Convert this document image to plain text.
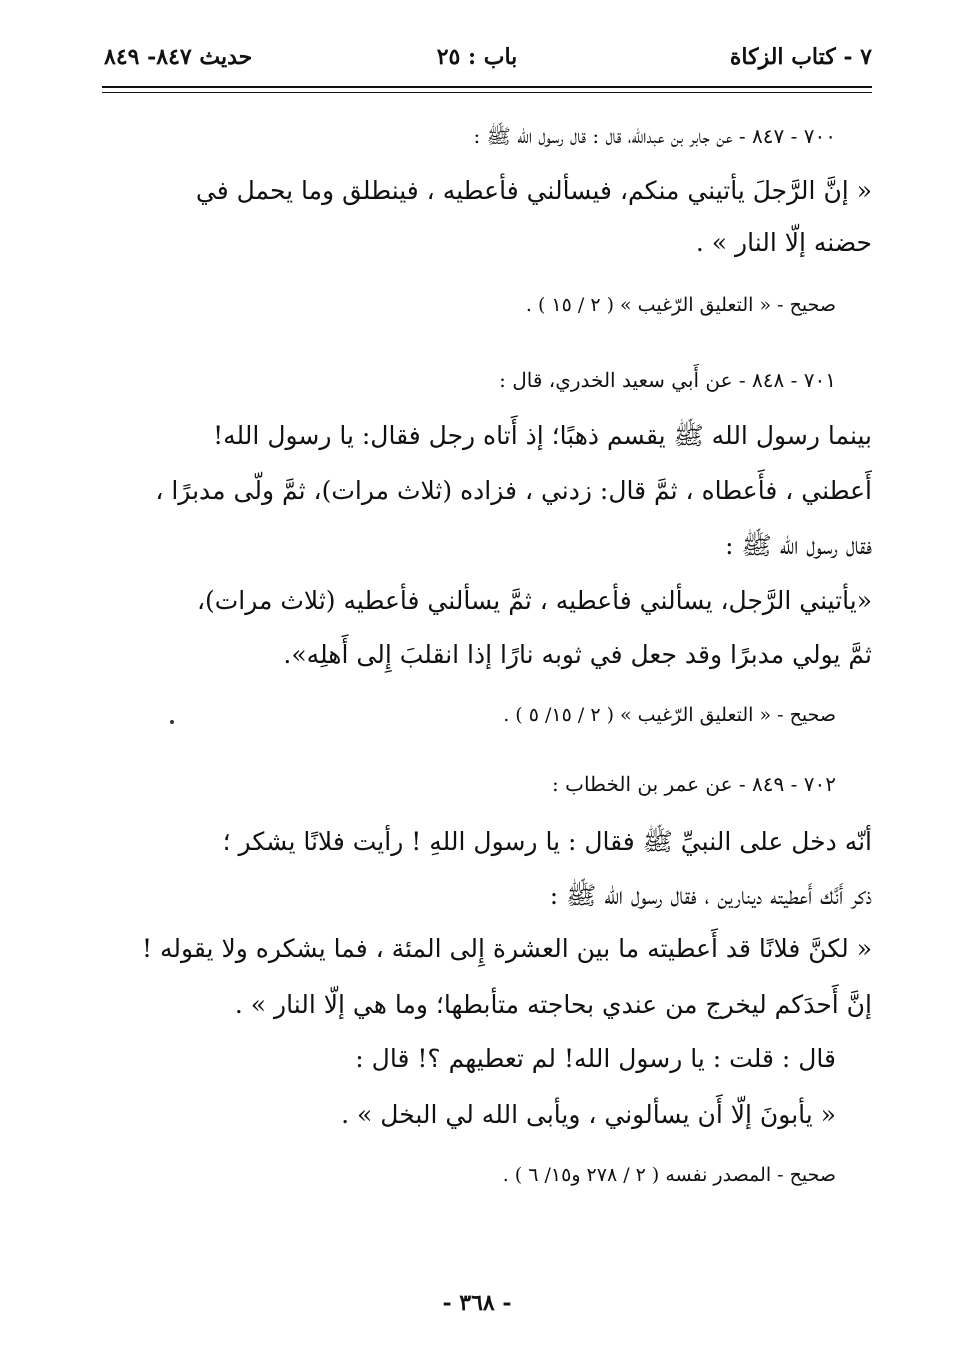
٧ - كتاب الزكاة
باب : ٢٥
حديث ٨٤٧- ٨٤٩
٧٠٠ - ٨٤٧ - عن جابر بن عبدالله، قال : قال رسول الله ﷺ :
« إنَّ الرَّجلَ يأتيني منكم، فيسألني فأعطيه ، فينطلق وما يحمل في
حضنه إلّا النار » .
صحيح - « التعليق الرّغيب » ( ٢ / ١٥ ) .
٧٠١ - ٨٤٨ - عن أَبي سعيد الخدري، قال :
بينما رسول الله ﷺ يقسم ذهبًا؛ إذ أَتاه رجل فقال: يا رسول الله!
أَعطني ، فأَعطاه ، ثمَّ قال: زدني ، فزاده (ثلاث مرات)، ثمَّ ولّى مدبرًا ،
فقال رسول الله ﷺ :
«يأتيني الرَّجل، يسألني فأعطيه ، ثمَّ يسألني فأعطيه (ثلاث مرات)،
ثمَّ يولي مدبرًا وقد جعل في ثوبه نارًا إذا انقلبَ إِلى أَهلِه».
صحيح - « التعليق الرّغيب » ( ٢ / ١٥/ ٥ ) .
٧٠٢ - ٨٤٩ - عن عمر بن الخطاب :
أنّه دخل على النبيِّ ﷺ فقال : يا رسول اللهِ ! رأيت فلانًا يشكر ؛
ذكر أَنَّك أَعطيته دينارين ، فقال رسول الله ﷺ :
« لكنَّ فلانًا قد أَعطيته ما بين العشرة إِلى المئة ، فما يشكره ولا يقوله !
إنَّ أَحدَكم ليخرج من عندي بحاجته متأبطها؛ وما هي إلّا النار » .
قال : قلت : يا رسول الله! لم تعطيهم ؟! قال :
« يأبونَ إلّا أَن يسألوني ، ويأبى الله لي البخل » .
صحيح - المصدر نفسه ( ٢ / ٢٧٨ و١٥/ ٦ ) .
- ٣٦٨ -
